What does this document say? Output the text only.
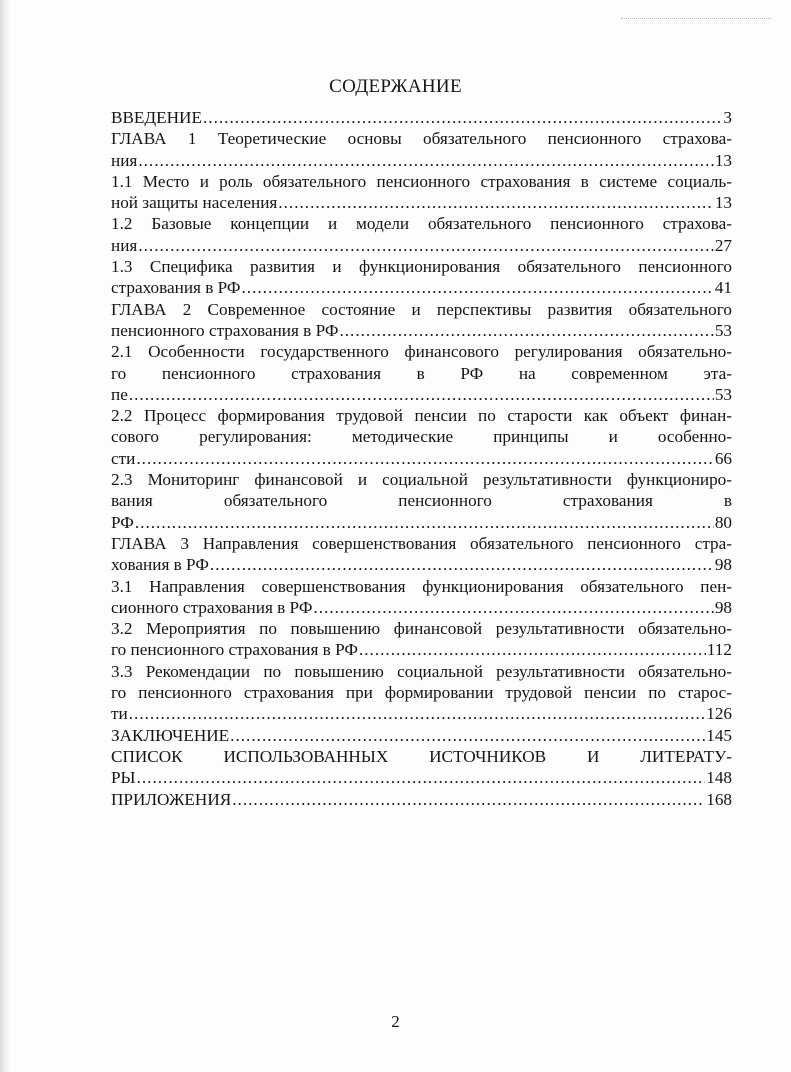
СОДЕРЖАНИЕ
ВВЕДЕНИЕ .....	3
ГЛАВА 1 Теоретические основы обязательного пенсионного страхова-
ния .....	13
1.1 Место и роль обязательного пенсионного страхования в системе социаль-
ной защиты населения .....	13
1.2 Базовые концепции и модели обязательного пенсионного страхова-
ния .....	27
1.3 Специфика развития и функционирования обязательного пенсионного
страхования в РФ .....	41
ГЛАВА 2 Современное состояние и перспективы развития обязательного
пенсионного страхования в РФ .....	53
2.1 Особенности государственного финансового регулирования обязательно-
го пенсионного страхования в РФ на современном эта-
пе .....	53
2.2 Процесс формирования трудовой пенсии по старости как объект финан-
сового регулирования: методические принципы и особенно-
сти .....	66
2.3 Мониторинг финансовой и социальной результативности функциониро-
вания обязательного пенсионного страхования в
РФ .....	80
ГЛАВА 3 Направления совершенствования обязательного пенсионного стра-
хования в РФ .....	98
3.1 Направления совершенствования функционирования обязательного пен-
сионного страхования в РФ .....	98
3.2 Мероприятия по повышению финансовой результативности обязательно-
го пенсионного страхования в РФ .....	112
3.3 Рекомендации по повышению социальной результативности обязательно-
го пенсионного страхования при формировании трудовой пенсии по старос-
ти .....	126
ЗАКЛЮЧЕНИЕ .....	145
СПИСОК ИСПОЛЬЗОВАННЫХ ИСТОЧНИКОВ И ЛИТЕРАТУ-
РЫ .....	148
ПРИЛОЖЕНИЯ .....	168
2
